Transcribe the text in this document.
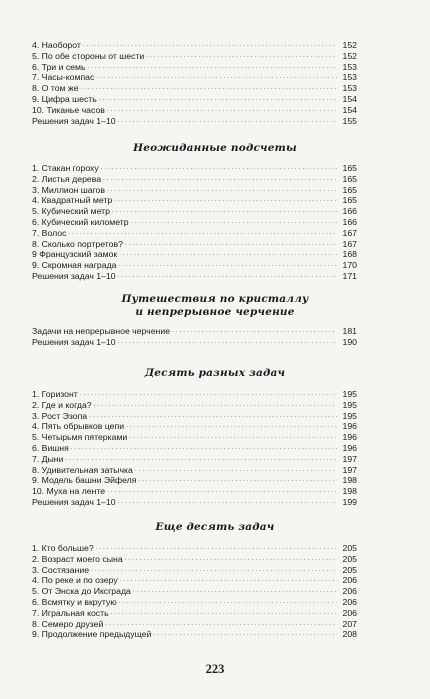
4. Наоборот . . .	152
5. По обе стороны от шести . . .	152
6. Три и семь . . .	153
7. Часы-компас . . .	153
8. О том же . . .	153
9. Цифра шесть . . .	154
10. Тиканье часов . . .	154
Решения задач 1–10 . . .	155
Неожиданные подсчеты
1. Стакан гороху . . .	165
2. Листья дерева . . .	165
3. Миллион шагов . . .	165
4. Квадратный метр . . .	165
5. Кубический метр . . .	166
6. Кубический километр . . .	166
7. Волос . . .	167
8. Сколько портретов? . . .	167
9 Французский замок . . .	168
9. Скромная награда . . .	170
Решения задач 1–10 . . .	171
Путешествия по кристаллу
и непрерывное черчение
Задачи на непрерывное черчение . . .	181
Решения задач 1–10 . . .	190
Десять разных задач
1. Горизонт . . .	195
2. Где и когда? . . .	195
3. Рост Эзопа . . .	195
4. Пять обрывков цепи . . .	196
5. Четырьмя пятерками . . .	196
6. Вишня . . .	196
7. Дыни . . .	197
8. Удивительная затычка . . .	197
9. Модель башни Эйфеля . . .	198
10. Муха на ленте . . .	198
Решения задач 1–10 . . .	199
Еще десять задач
1. Кто больше? . . .	205
2. Возраст моего сына . . .	205
3. Состязание . . .	205
4. По реке и по озеру . . .	206
5. От Энска до Икcграда . . .	206
6. Всмятку и вкрутую . . .	206
7. Игральная кость . . .	206
8. Семеро друзей . . .	207
9. Продолжение предыдущей . . .	208
223
